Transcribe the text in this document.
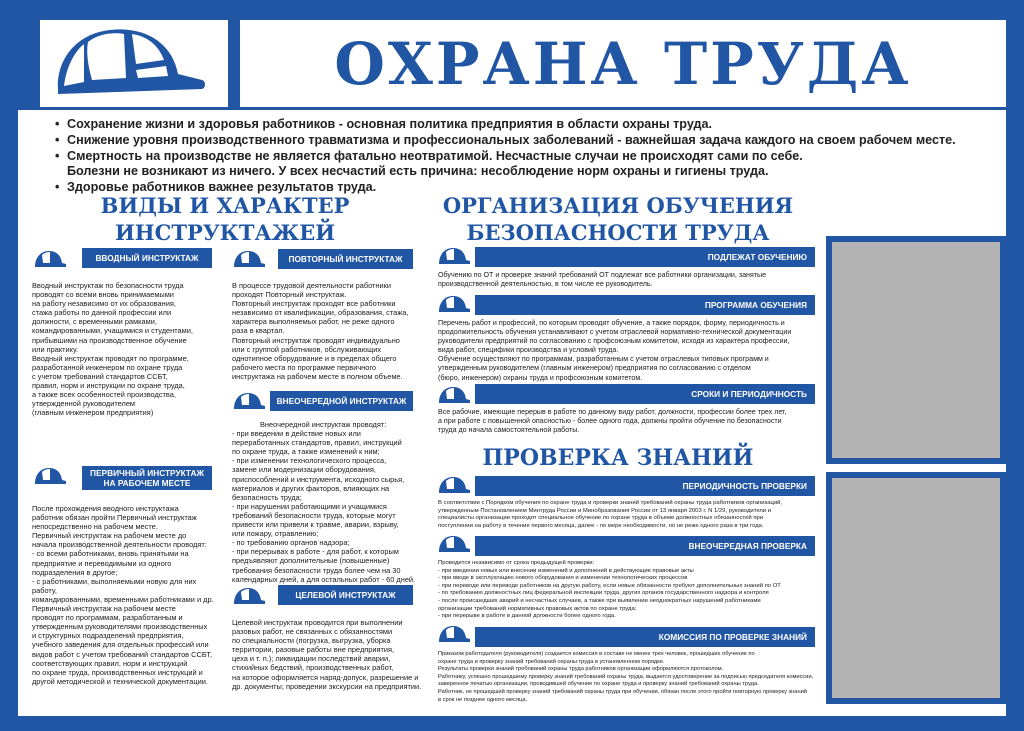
ОХРАНА ТРУДА
• Сохранение жизни и здоровья работников - основная политика предприятия в области охраны труда.
• Снижение уровня производственного травматизма и профессиональных заболеваний - важнейшая задача каждого на своем рабочем месте.
• Смертность на производстве не является фатально неотвратимой. Несчастные случаи не происходят сами по себе.
Болезни не возникают из ничего. У всех несчастий есть причина: несоблюдение норм охраны и гигиены труда.
• Здоровье работников важнее результатов труда.
ВИДЫ И ХАРАКТЕР
ИНСТРУКТАЖЕЙ
ОРГАНИЗАЦИЯ ОБУЧЕНИЯ
БЕЗОПАСНОСТИ ТРУДА
ПРОВЕРКА ЗНАНИЙ
ВВОДНЫЙ ИНСТРУКТАЖ

Вводный инструктаж по безопасности труда

проводят со всеми вновь принимаемыми

на работу независимо от их образования,

стажа работы по данной профессии или

должности, с временными рамками,

командированными, учащимися и студентами,

прибывшими на производственное обучение

или практику.

Вводный инструктаж проводят по программе,

разработанной инженером по охране труда

с учетом требований стандартов ССБТ,

правил, норм и инструкции по охране труда,

а также всех особенностей производства,

утвержденной руководителем

(главным инженером предприятия)

ПЕРВИЧНЫЙ ИНСТРУКТАЖ
НА РАБОЧЕМ МЕСТЕ

После прохождения вводного инструктажа

работник обязан пройти Первичный инструктаж

непосредственно на рабочем месте.

Первичный инструктаж на рабочем месте до

начала производственной деятельности проводят:

- со всеми работниками, вновь принятыми на

предприятие и переводимыми из одного

подразделения в другое;

- с работниками, выполняемыми новую для них работу,

командированными, временными работниками и др.

Первичный инструктаж на рабочем месте

проводят по программам, разработанным и

утвержденным руководителями производственных

и структурных подразделений предприятия,

учебного заведения для отдельных профессий или

видов работ с учетом требований стандартов ССБТ,

соответствующих правил, норм и инструкций

по охране труда, производственных инструкций и

другой методической и технической документации.

ПОВТОРНЫЙ ИНСТРУКТАЖ

В процессе трудовой деятельности работники

проходят Повторный инструктаж.

Повторный инструктаж проходят все работники

независимо от квалификации, образования, стажа,

характера выполняемых работ, не реже одного

раза в квартал.

Повторный инструктаж проводят индивидуально

или с группой работников, обслуживающих

однотипное оборудование и в пределах общего

рабочего места по программе первичного

инструктажа на рабочем месте в полном объеме.

ВНЕОЧЕРЕДНОЙ ИНСТРУКТАЖ

Внеочередной инструктаж проводят:

- при введении в действие новых или

переработанных стандартов, правил, инструкций

по охране труда, а также изменений к ним;

- при изменении технологического процесса,

замене или модернизации оборудования,

приспособлений и инструмента, исходного сырья,

материалов и других факторов, влияющих на

безопасность труда;

- при нарушении работающими и учащимися

требований безопасности труда, которые могут

привести или привели к травме, аварии, взрыву,

или пожару, отравлению;

- по требованию органов надзора;

- при перерывах в работе - для работ, к которым

предъявляют дополнительные (повышенные)

требования безопасности труда более чем на 30

календарных дней, а для остальных работ - 60 дней.

ЦЕЛЕВОЙ ИНСТРУКТАЖ

Целевой инструктаж проводится при выполнении

разовых работ, не связанных с обязанностями

по специальности (погрузка, выгрузка, уборка

территории, разовые работы вне предприятия,

цеха и т. п.); ликвидации последствий аварии,

стихийных бедствий, производственных работ,

на которое оформляется наряд-допуск, разрешение и

др. документы; проведении экскурсии на предприятии.

ПОДЛЕЖАТ ОБУЧЕНИЮ

Обучению по ОТ и проверке знаний требований ОТ подлежат все работники организации, занятые

производственной деятельностью, в том числе ее руководитель.

ПРОГРАММА ОБУЧЕНИЯ

Перечень работ и профессий, по которым проводят обучение, а также порядок, форму, периодичность и

продолжительность обучения устанавливают с учетом отраслевой нормативно-технической документации

руководители предприятий по согласованию с профсоюзным комитетом, исходя из характера профессии,

вида работ, специфики производства и условий труда.

Обучение осуществляют по программам, разработанным с учетом отраслевых типовых программ и

утвержденным руководителем (главным инженером) предприятия по согласованию с отделом

(бюро, инженером) охраны труда и профсоюзным комитетом.

СРОКИ И ПЕРИОДИЧНОСТЬ

Все рабочие, имеющие перерыв в работе по данному виду работ, должности, профессии более трех лет,

а при работе с повышенной опасностью - более одного года, должны пройти обучение по безопасности

труда до начала самостоятельной работы.

ПЕРИОДИЧНОСТЬ ПРОВЕРКИ

В соответствии с Порядком обучения по охране труда и проверки знаний требований охраны труда работников организаций,

утвержденным Постановлением Минтруда России и Минобразования России от 13 января 2003 г. N 1/29, руководители и

специалисты организации проходят специальное обучение по охране труда в объеме должностных обязанностей при

поступлении на работу в течение первого месяца, далее - по мере необходимости, но не реже одного раза в три года.

ВНЕОЧЕРЕДНАЯ ПРОВЕРКА

Проводится независимо от срока предыдущей проверки:

- при введении новых или внесении изменений и дополнений в действующие правовые акты

- при вводе в эксплуатацию нового оборудования и изменении технологических процессов

- при переводе или переводе работников на другую работу, если новые обязанности требуют дополнительных знаний по ОТ

- по требованию должностных лиц федеральной инспекции труда, других органов государственного надзора и контроля

- после происшедших аварий и несчастных случаев, а также при выявлении неоднократных нарушений работниками

организации требований нормативных правовых актов по охране труда;

- при перерыве в работе в данной должности более одного года.

КОМИССИЯ ПО ПРОВЕРКЕ ЗНАНИЙ

Приказом работодателя (руководителя) создается комиссия в составе не менее трех человек, прошедших обучение по

охране труда и проверку знаний требований охраны труда в установленном порядке.

Результаты проверки знаний требований охраны труда работников организации оформляются протоколом.

Работнику, успешно прошедшему проверку знаний требований охраны труда, выдается удостоверение за подписью председателя комиссии,

заверенное печатью организации, проводившей обучение по охране труда и проверку знаний требований охраны труда.

Работник, не прошедший проверку знаний требований охраны труда при обучении, обязан после этого пройти повторную проверку знаний

в срок не позднее одного месяца.
